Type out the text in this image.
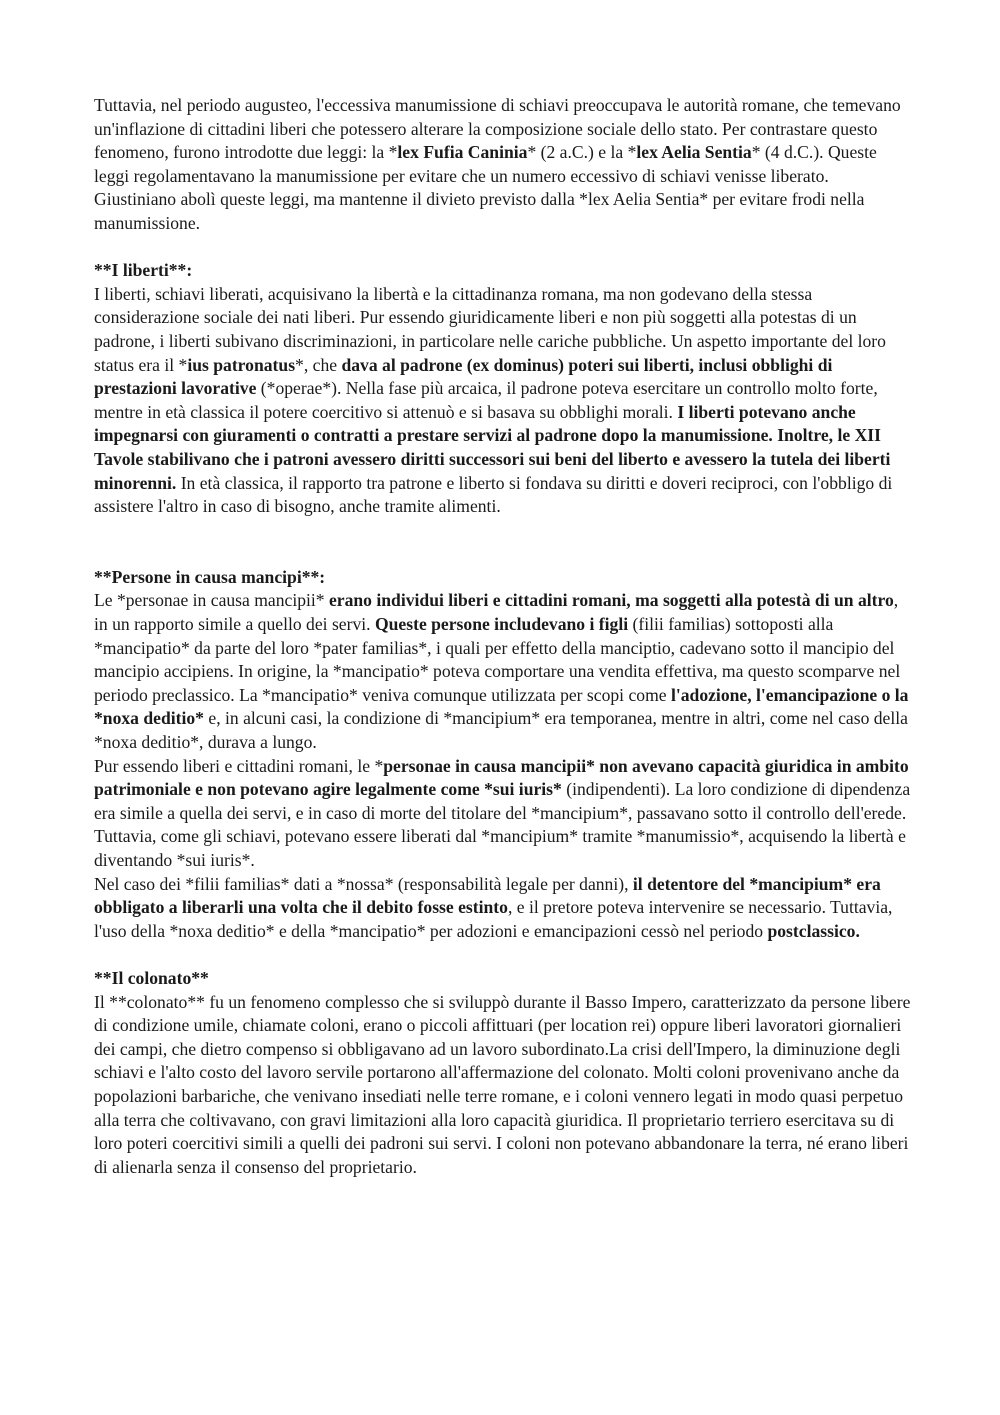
Tuttavia, nel periodo augusteo, l'eccessiva manumissione di schiavi preoccupava le autorità romane, che temevano un'inflazione di cittadini liberi che potessero alterare la composizione sociale dello stato. Per contrastare questo fenomeno, furono introdotte due leggi: la *lex Fufia Caninia* (2 a.C.) e la *lex Aelia Sentia* (4 d.C.). Queste leggi regolamentavano la manumissione per evitare che un numero eccessivo di schiavi venisse liberato. Giustiniano abolì queste leggi, ma mantenne il divieto previsto dalla *lex Aelia Sentia* per evitare frodi nella manumissione.

**I liberti**:

I liberti, schiavi liberati, acquisivano la libertà e la cittadinanza romana, ma non godevano della stessa considerazione sociale dei nati liberi. Pur essendo giuridicamente liberi e non più soggetti alla potestas di un padrone, i liberti subivano discriminazioni, in particolare nelle cariche pubbliche. Un aspetto importante del loro status era il *ius patronatus*, che dava al padrone (ex dominus) poteri sui liberti, inclusi obblighi di prestazioni lavorative (*operae*). Nella fase più arcaica, il padrone poteva esercitare un controllo molto forte, mentre in età classica il potere coercitivo si attenuò e si basava su obblighi morali. I liberti potevano anche impegnarsi con giuramenti o contratti a prestare servizi al padrone dopo la manumissione. Inoltre, le XII Tavole stabilivano che i patroni avessero diritti successori sui beni del liberto e avessero la tutela dei liberti minorenni. In età classica, il rapporto tra patrone e liberto si fondava su diritti e doveri reciproci, con l'obbligo di assistere l'altro in caso di bisogno, anche tramite alimenti.

**Persone in causa mancipi**:

Le *personae in causa mancipii* erano individui liberi e cittadini romani, ma soggetti alla potestà di un altro, in un rapporto simile a quello dei servi. Queste persone includevano i figli (filii familias) sottoposti alla *mancipatio* da parte del loro *pater familias*, i quali per effetto della manciptio, cadevano sotto il mancipio del mancipio accipiens. In origine, la *mancipatio* poteva comportare una vendita effettiva, ma questo scomparve nel periodo preclassico. La *mancipatio* veniva comunque utilizzata per scopi come l'adozione, l'emancipazione o la *noxa deditio* e, in alcuni casi, la condizione di *mancipium* era temporanea, mentre in altri, come nel caso della *noxa deditio*, durava a lungo.

Pur essendo liberi e cittadini romani, le *personae in causa mancipii* non avevano capacità giuridica in ambito patrimoniale e non potevano agire legalmente come *sui iuris* (indipendenti). La loro condizione di dipendenza era simile a quella dei servi, e in caso di morte del titolare del *mancipium*, passavano sotto il controllo dell'erede. Tuttavia, come gli schiavi, potevano essere liberati dal *mancipium* tramite *manumissio*, acquisendo la libertà e diventando *sui iuris*.

Nel caso dei *filii familias* dati a *nossa* (responsabilità legale per danni), il detentore del *mancipium* era obbligato a liberarli una volta che il debito fosse estinto, e il pretore poteva intervenire se necessario. Tuttavia, l'uso della *noxa deditio* e della *mancipatio* per adozioni e emancipazioni cessò nel periodo postclassico.

**Il colonato**

Il **colonato** fu un fenomeno complesso che si sviluppò durante il Basso Impero, caratterizzato da persone libere di condizione umile, chiamate coloni, erano o piccoli affittuari (per location rei) oppure liberi lavoratori giornalieri dei campi, che dietro compenso si obbligavano ad un lavoro subordinato.La crisi dell'Impero, la diminuzione degli schiavi e l'alto costo del lavoro servile portarono all'affermazione del colonato. Molti coloni provenivano anche da popolazioni barbariche, che venivano insediati nelle terre romane, e i coloni vennero legati in modo quasi perpetuo alla terra che coltivavano, con gravi limitazioni alla loro capacità giuridica. Il proprietario terriero esercitava su di loro poteri coercitivi simili a quelli dei padroni sui servi. I coloni non potevano abbandonare la terra, né erano liberi di alienarla senza il consenso del proprietario.
